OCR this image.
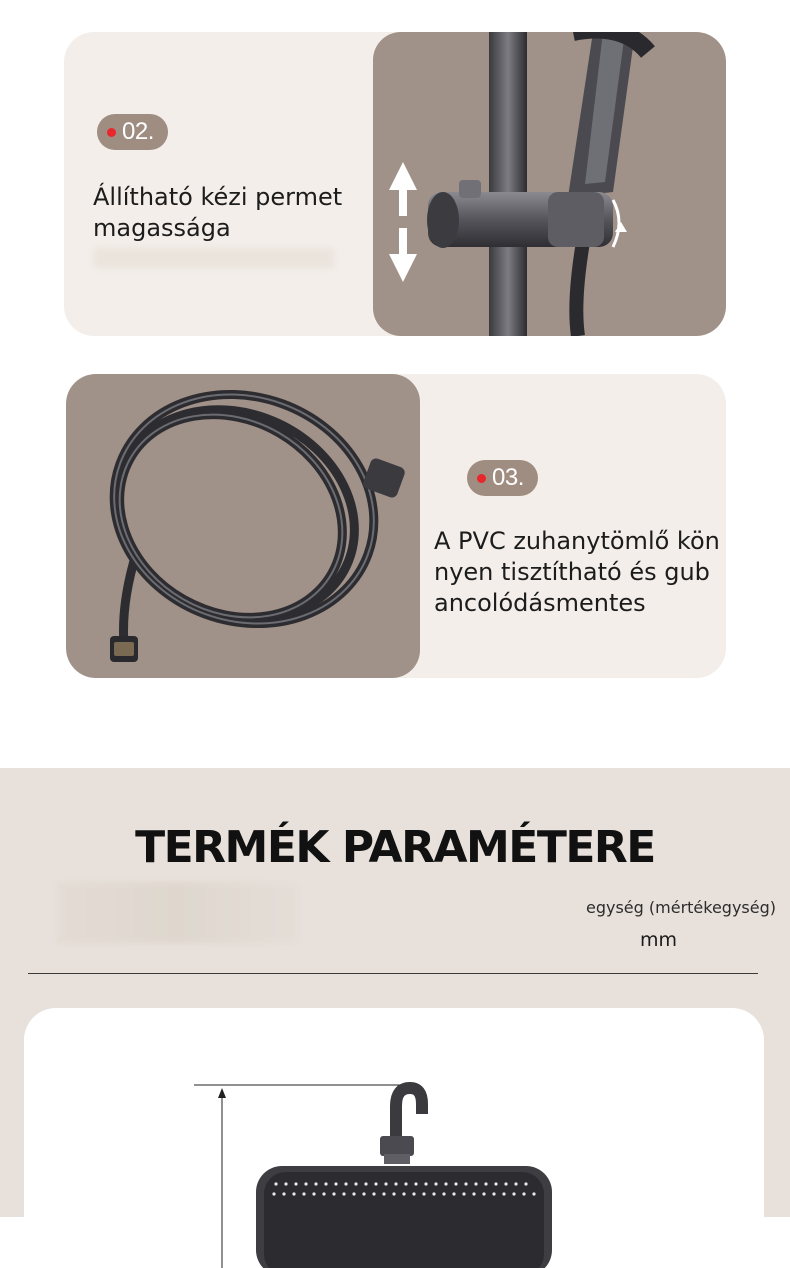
02.
Állítható kézi permet magassága
03.
A PVC zuhanytömlő könnyen tisztítható és gubancolódásmentes
TERMÉK PARAMÉTERE
egység (mértékegység)
mm
